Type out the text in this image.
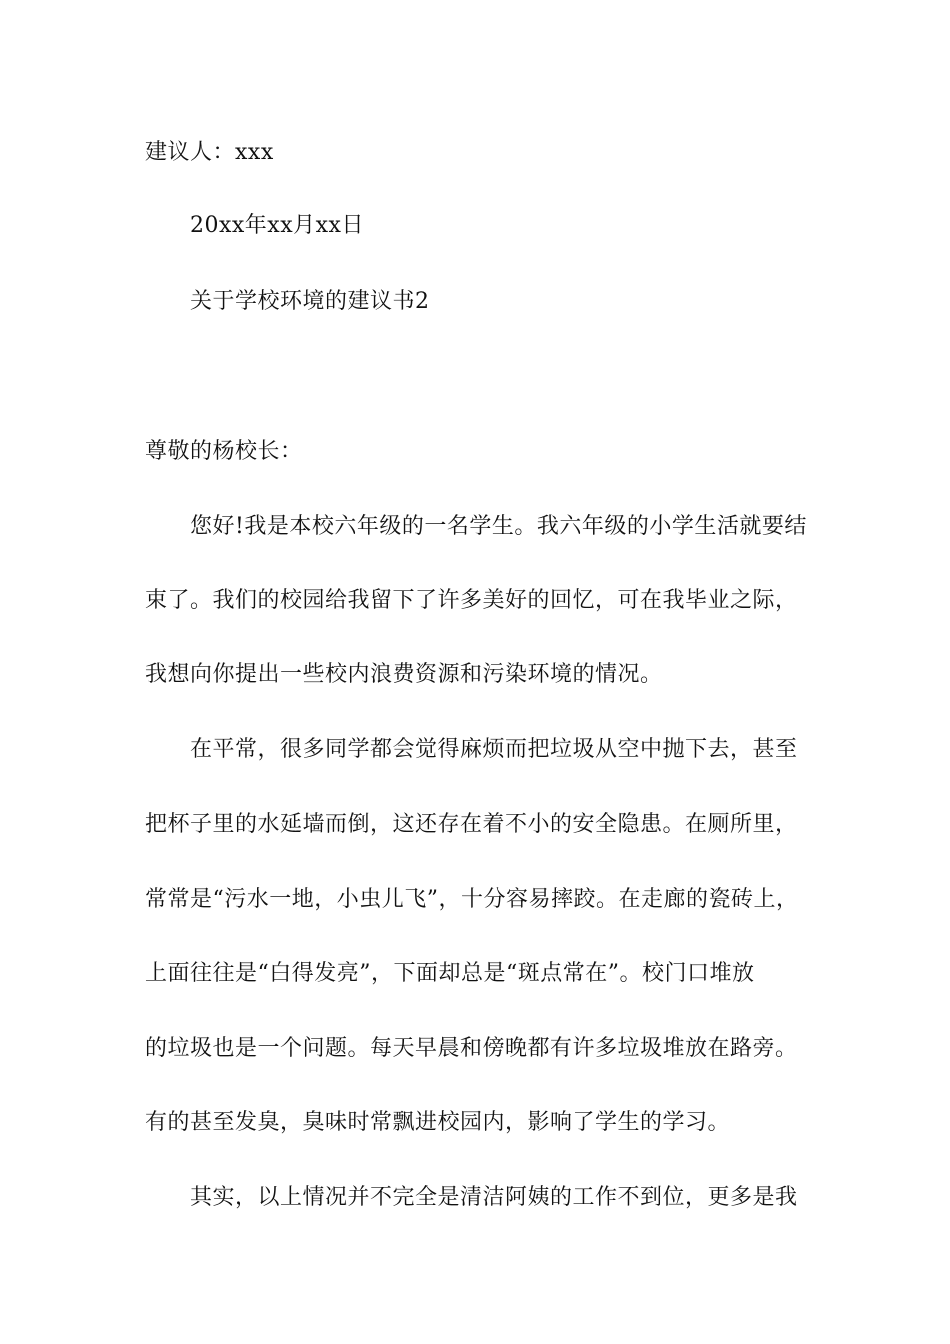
建议人：xxx
20xx年xx月xx日
关于学校环境的建议书2
尊敬的杨校长：
您好!我是本校六年级的一名学生。我六年级的小学生活就要结
束了。我们的校园给我留下了许多美好的回忆，可在我毕业之际，
我想向你提出一些校内浪费资源和污染环境的情况。
在平常，很多同学都会觉得麻烦而把垃圾从空中抛下去，甚至
把杯子里的水延墙而倒，这还存在着不小的安全隐患。在厕所里，
常常是“污水一地，小虫儿飞”，十分容易摔跤。在走廊的瓷砖上，
上面往往是“白得发亮”，下面却总是“斑点常在”。校门口堆放
的垃圾也是一个问题。每天早晨和傍晚都有许多垃圾堆放在路旁。
有的甚至发臭，臭味时常飘进校园内，影响了学生的学习。
其实，以上情况并不完全是清洁阿姨的工作不到位，更多是我
